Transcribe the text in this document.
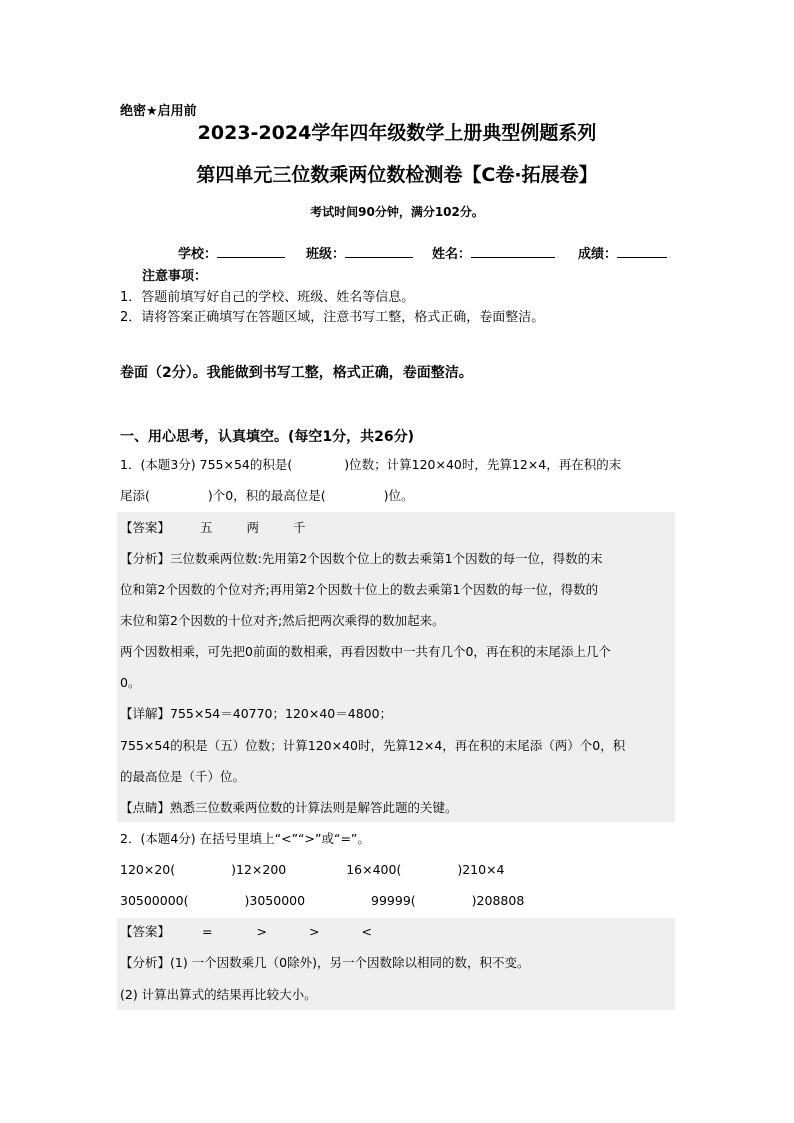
绝密★启用前
2023-2024学年四年级数学上册典型例题系列
第四单元三位数乘两位数检测卷【C卷·拓展卷】
考试时间90分钟，满分102分。
学校：	班级：	姓名：	成绩：
注意事项：
1．答题前填写好自己的学校、班级、姓名等信息。
2．请将答案正确填写在答题区域，注意书写工整，格式正确，卷面整洁。
卷面（2分）。我能做到书写工整，格式正确，卷面整洁。
一、用心思考，认真填空。(每空1分，共26分)
1．(本题3分) 755×54的积是(	)位数；计算120×40时，先算12×4，再在积的末
尾添(	)个0，积的最高位是(	)位。
【答案】 五	两	千
【分析】三位数乘两位数:先用第2个因数个位上的数去乘第1个因数的每一位，得数的末
位和第2个因数的个位对齐;再用第2个因数十位上的数去乘第1个因数的每一位，得数的
末位和第2个因数的十位对齐;然后把两次乘得的数加起来。
两个因数相乘，可先把0前面的数相乘，再看因数中一共有几个0，再在积的末尾添上几个
0。
【详解】755×54＝40770；120×40＝4800；
755×54的积是（五）位数；计算120×40时，先算12×4，再在积的末尾添（两）个0，积
的最高位是（千）位。
【点睛】熟悉三位数乘两位数的计算法则是解答此题的关键。
2．(本题4分) 在括号里填上“<”“>”或“=”。
120×20(	)12×200	16×400(	)210×4
30500000(	)3050000	99999(	)208808
【答案】	=	>	>	<
【分析】(1) 一个因数乘几（0除外)，另一个因数除以相同的数，积不变。
(2) 计算出算式的结果再比较大小。
